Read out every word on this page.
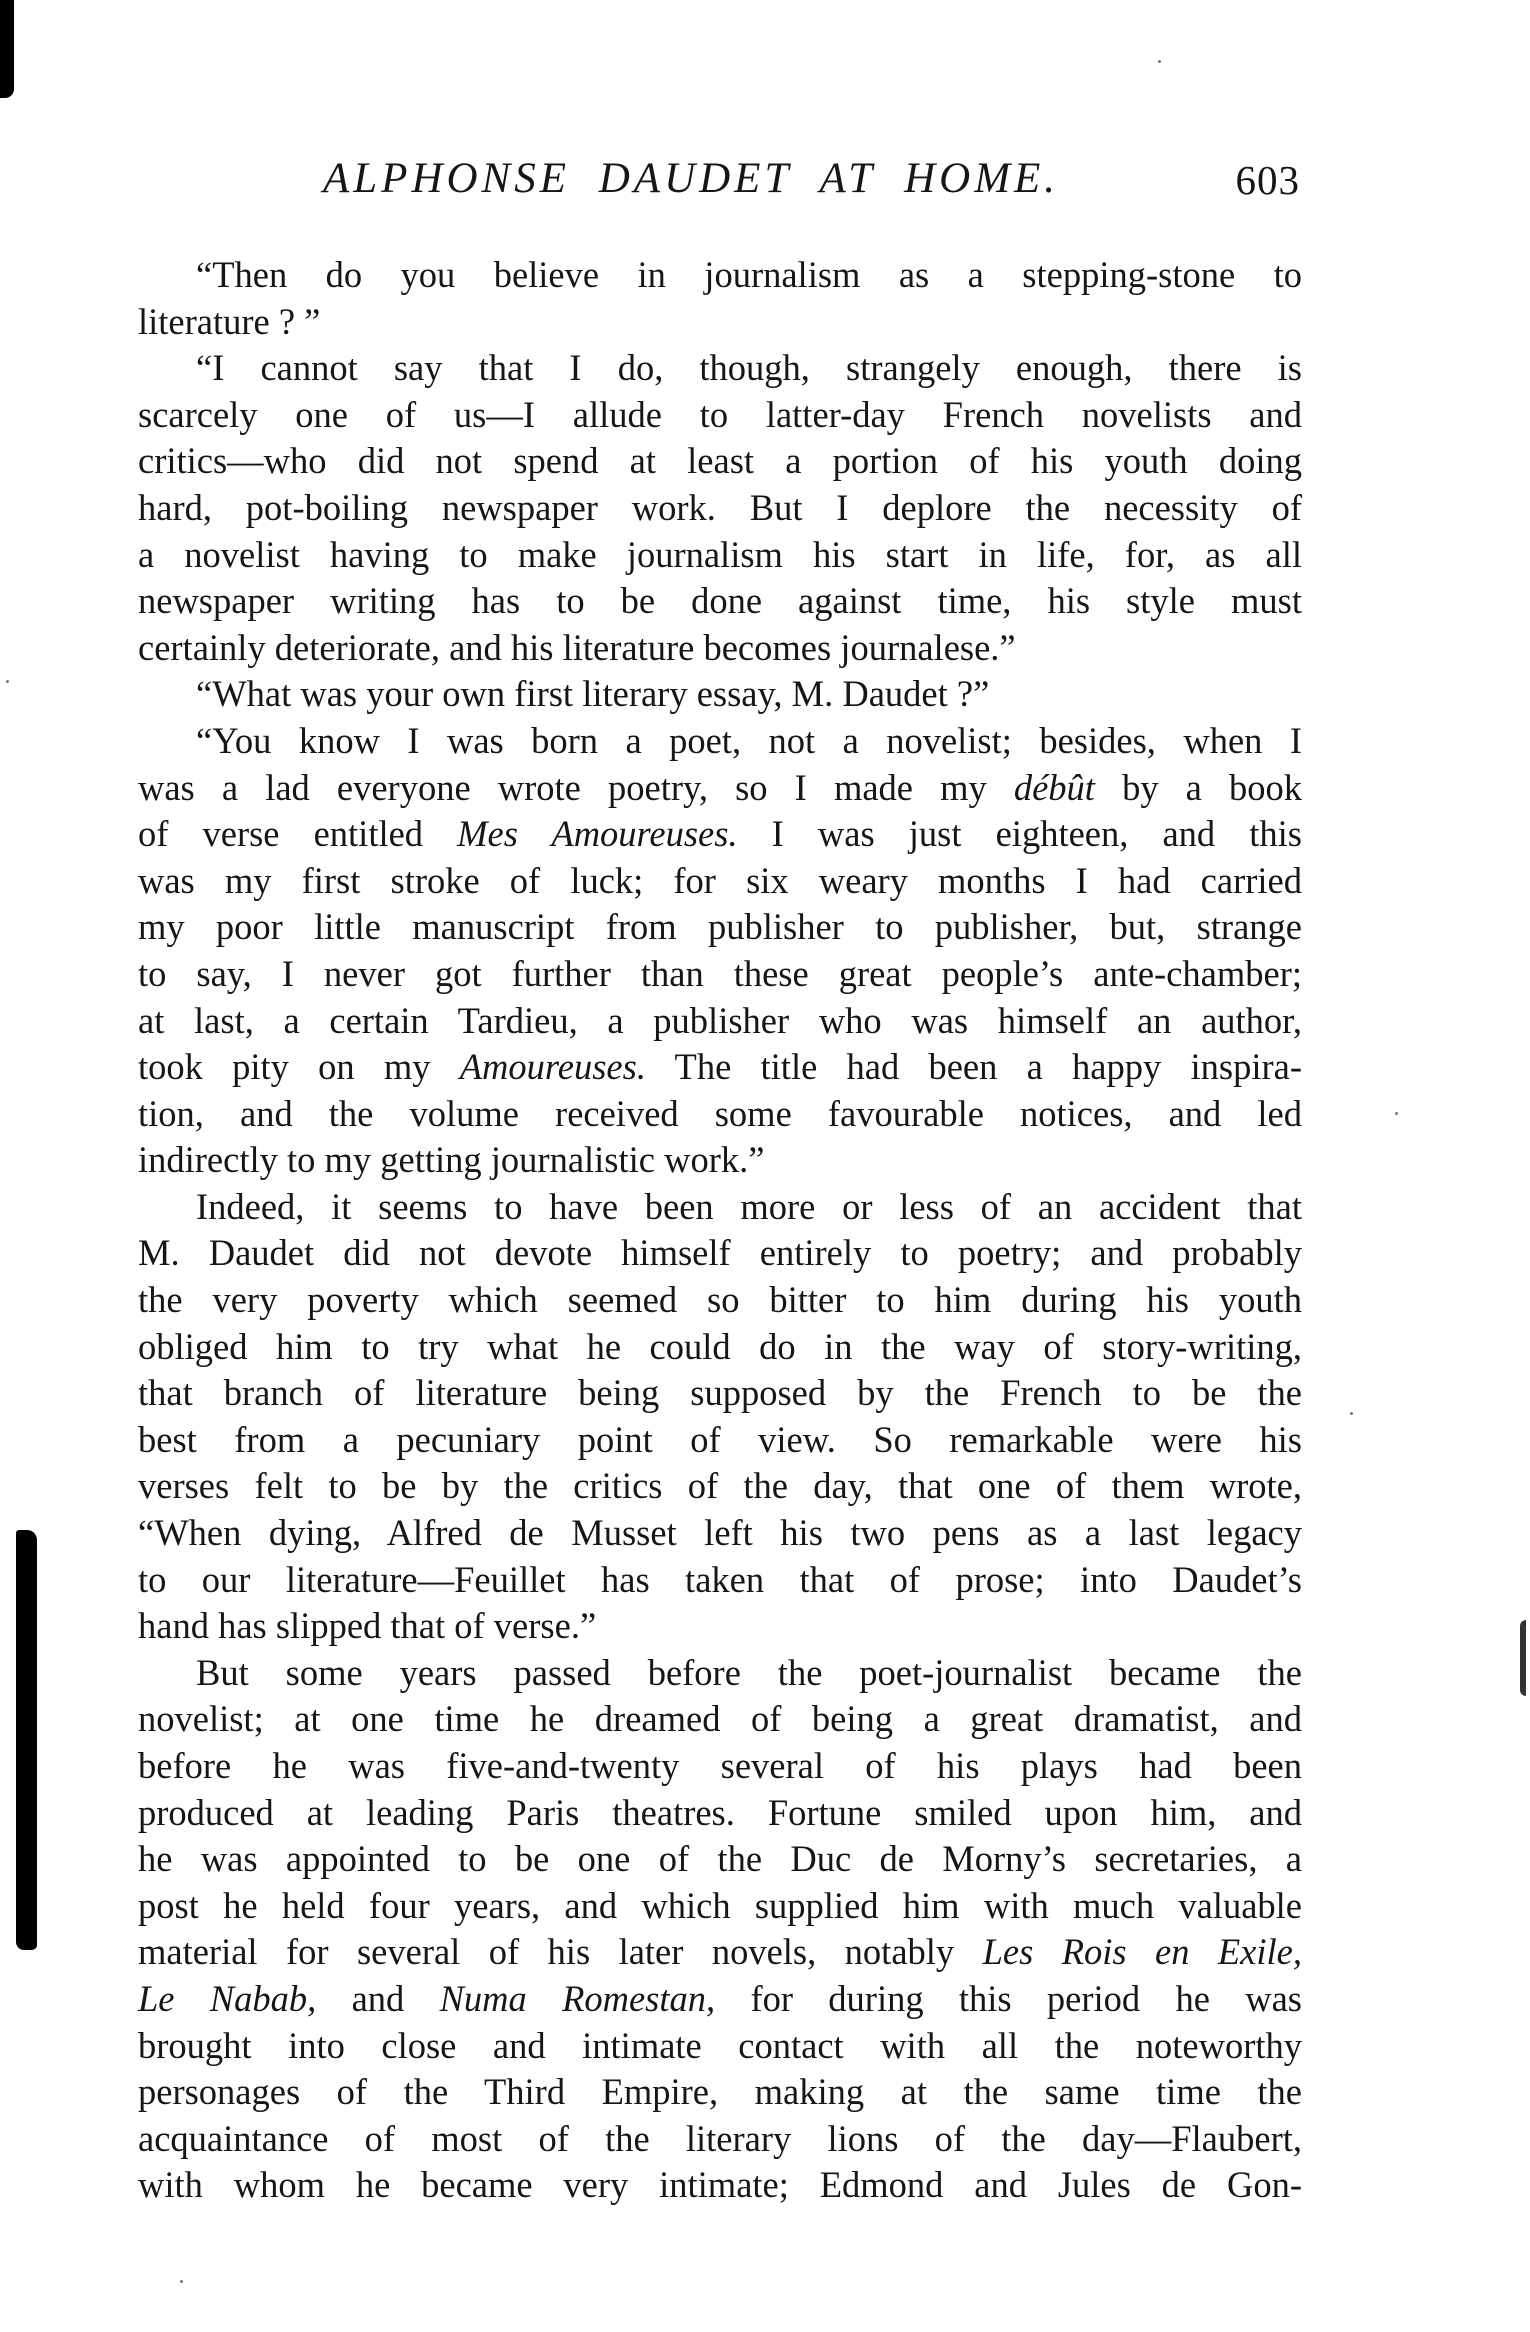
ALPHONSE DAUDET AT HOME.	603
“Then do you believe in journalism as a stepping-stone to
literature ? ”
“I cannot say that I do, though, strangely enough, there is
scarcely one of us—I allude to latter-day French novelists and
critics—who did not spend at least a portion of his youth doing
hard, pot-boiling newspaper work. But I deplore the necessity of
a novelist having to make journalism his start in life, for, as all
newspaper writing has to be done against time, his style must
certainly deteriorate, and his literature becomes journalese.”
“What was your own first literary essay, M. Daudet ?”
“You know I was born a poet, not a novelist; besides, when I
was a lad everyone wrote poetry, so I made my débût by a book
of verse entitled Mes Amoureuses. I was just eighteen, and this
was my first stroke of luck; for six weary months I had carried
my poor little manuscript from publisher to publisher, but, strange
to say, I never got further than these great people’s ante-chamber;
at last, a certain Tardieu, a publisher who was himself an author,
took pity on my Amoureuses. The title had been a happy inspira-
tion, and the volume received some favourable notices, and led
indirectly to my getting journalistic work.”
Indeed, it seems to have been more or less of an accident that
M. Daudet did not devote himself entirely to poetry; and probably
the very poverty which seemed so bitter to him during his youth
obliged him to try what he could do in the way of story-writing,
that branch of literature being supposed by the French to be the
best from a pecuniary point of view. So remarkable were his
verses felt to be by the critics of the day, that one of them wrote,
“When dying, Alfred de Musset left his two pens as a last legacy
to our literature—Feuillet has taken that of prose; into Daudet’s
hand has slipped that of verse.”
But some years passed before the poet-journalist became the
novelist; at one time he dreamed of being a great dramatist, and
before he was five-and-twenty several of his plays had been
produced at leading Paris theatres. Fortune smiled upon him, and
he was appointed to be one of the Duc de Morny’s secretaries, a
post he held four years, and which supplied him with much valuable
material for several of his later novels, notably Les Rois en Exile,
Le Nabab, and Numa Romestan, for during this period he was
brought into close and intimate contact with all the noteworthy
personages of the Third Empire, making at the same time the
acquaintance of most of the literary lions of the day—Flaubert,
with whom he became very intimate; Edmond and Jules de Gon-
